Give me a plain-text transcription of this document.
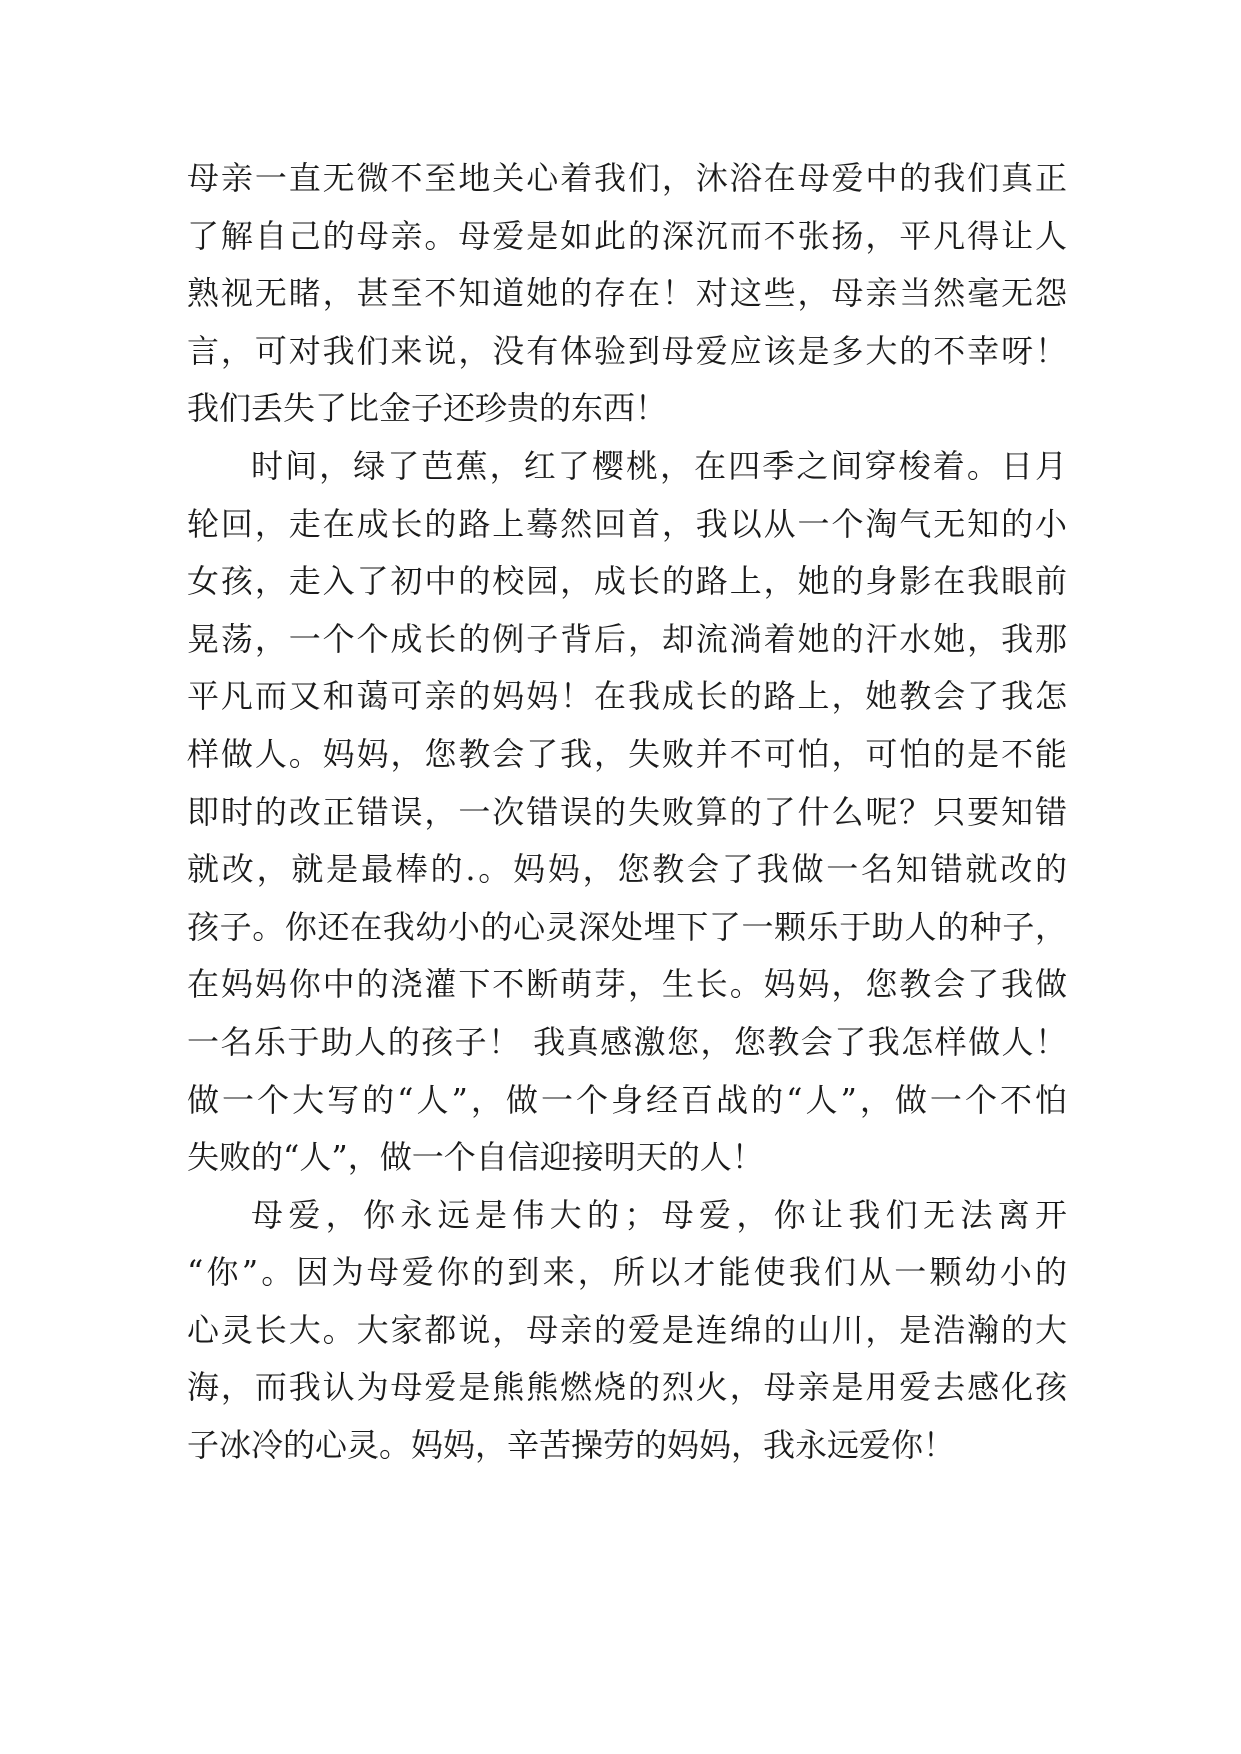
母亲一直无微不至地关心着我们，沐浴在母爱中的我们真正
了解自己的母亲。母爱是如此的深沉而不张扬，平凡得让人
熟视无睹，甚至不知道她的存在！对这些，母亲当然毫无怨
言，可对我们来说，没有体验到母爱应该是多大的不幸呀！
我们丢失了比金子还珍贵的东西！
时间，绿了芭蕉，红了樱桃，在四季之间穿梭着。日月
轮回，走在成长的路上蓦然回首，我以从一个淘气无知的小
女孩，走入了初中的校园，成长的路上，她的身影在我眼前
晃荡，一个个成长的例子背后，却流淌着她的汗水她，我那
平凡而又和蔼可亲的妈妈！在我成长的路上，她教会了我怎
样做人。妈妈，您教会了我，失败并不可怕，可怕的是不能
即时的改正错误，一次错误的失败算的了什么呢？只要知错
就改，就是最棒的.。妈妈，您教会了我做一名知错就改的
孩子。你还在我幼小的心灵深处埋下了一颗乐于助人的种子，
在妈妈你中的浇灌下不断萌芽，生长。妈妈，您教会了我做
一名乐于助人的孩子！ 我真感激您，您教会了我怎样做人！
做一个大写的“人”，做一个身经百战的“人”，做一个不怕
失败的“人”，做一个自信迎接明天的人！
母爱，你永远是伟大的；母爱，你让我们无法离开
“你”。因为母爱你的到来，所以才能使我们从一颗幼小的
心灵长大。大家都说，母亲的爱是连绵的山川，是浩瀚的大
海，而我认为母爱是熊熊燃烧的烈火，母亲是用爱去感化孩
子冰冷的心灵。妈妈，辛苦操劳的妈妈，我永远爱你！
